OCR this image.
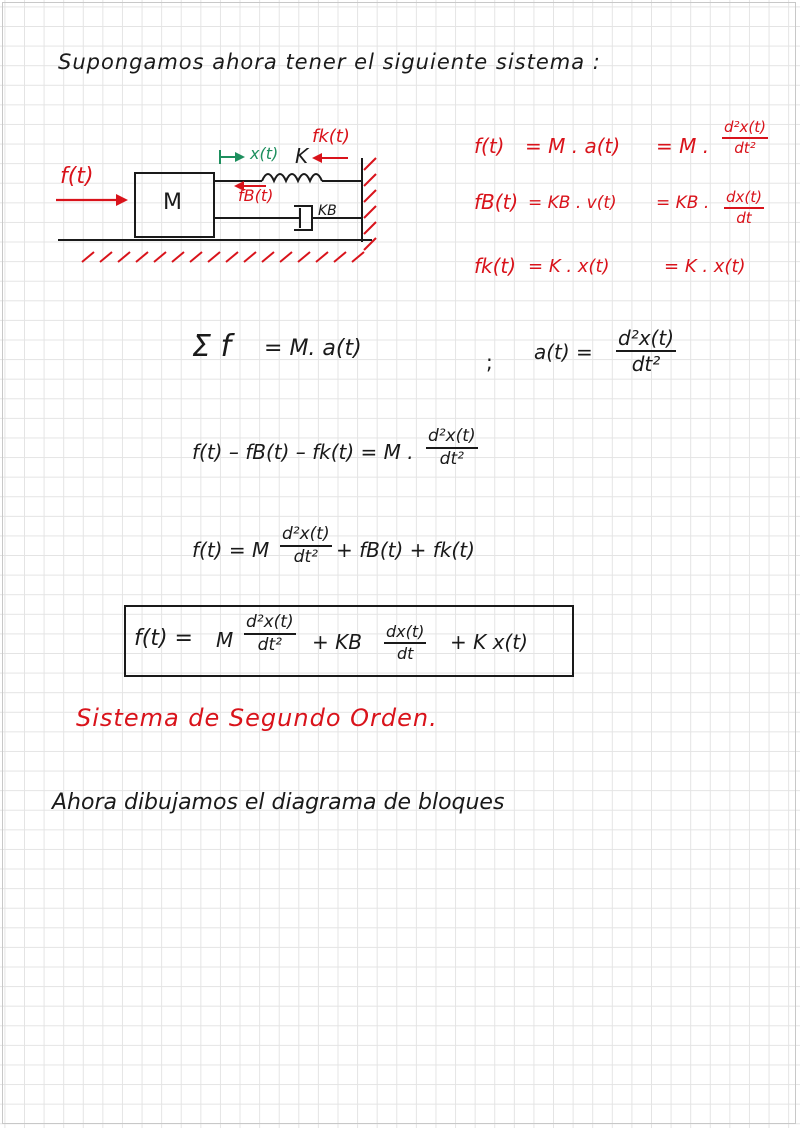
Supongamos ahora tener el siguiente sistema :
f(t)
M
x(t) K
fk(t)
fB(t)
KB
f(t) = M . a(t) = M .
d²x(t)
dt²
fB(t) = KB . v(t) = KB . dx(t)
dt
fk(t) = K . x(t)	= K . x(t)
Σ f = M. a(t)
; a(t) =
d²x(t)
dt²
f(t) – fB(t) – fk(t) = M .
d²x(t)
dt²
f(t) = M
d²x(t)
dt² + fB(t) + fk(t)
f(t) = M
d²x(t)
dt² + KB dx(t)
dt + K x(t)
Sistema de Segundo Orden.
Ahora dibujamos el diagrama de bloques
